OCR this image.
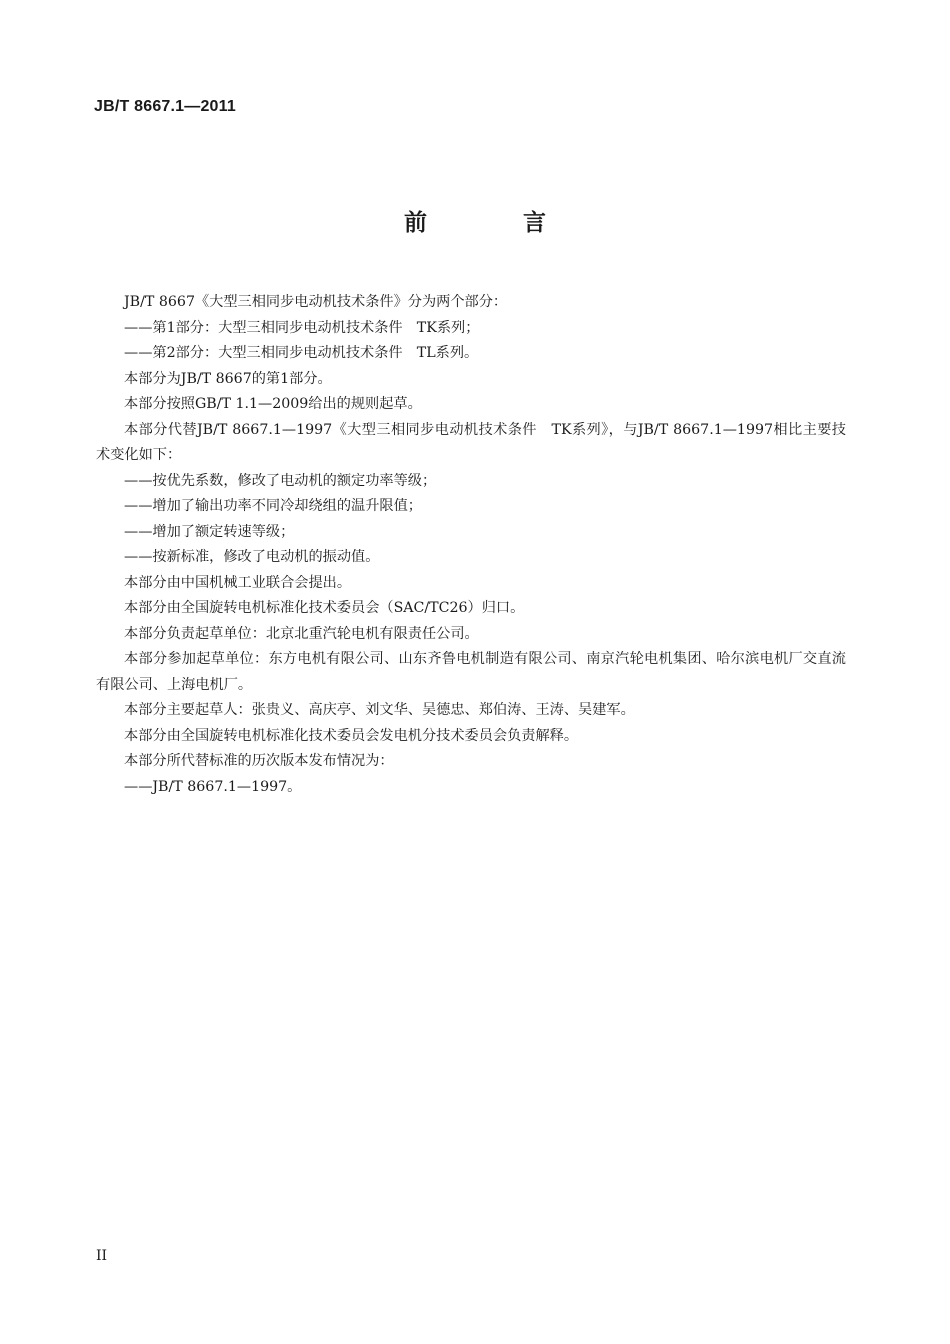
JB/T 8667.1—2011
前 言

JB/T 8667《大型三相同步电动机技术条件》分为两个部分：

——第1部分：大型三相同步电动机技术条件　TK系列；

——第2部分：大型三相同步电动机技术条件　TL系列。

本部分为JB/T 8667的第1部分。

本部分按照GB/T 1.1—2009给出的规则起草。

本部分代替JB/T 8667.1—1997《大型三相同步电动机技术条件　TK系列》，与JB/T 8667.1—1997相比主要技术变化如下：

——按优先系数，修改了电动机的额定功率等级；

——增加了输出功率不同冷却绕组的温升限值；

——增加了额定转速等级；

——按新标准，修改了电动机的振动值。

本部分由中国机械工业联合会提出。

本部分由全国旋转电机标准化技术委员会（SAC/TC26）归口。

本部分负责起草单位：北京北重汽轮电机有限责任公司。

本部分参加起草单位：东方电机有限公司、山东齐鲁电机制造有限公司、南京汽轮电机集团、哈尔滨电机厂交直流有限公司、上海电机厂。

本部分主要起草人：张贵义、高庆亭、刘文华、吴德忠、郑伯涛、王涛、吴建军。

本部分由全国旋转电机标准化技术委员会发电机分技术委员会负责解释。

本部分所代替标准的历次版本发布情况为：

——JB/T 8667.1—1997。

II
